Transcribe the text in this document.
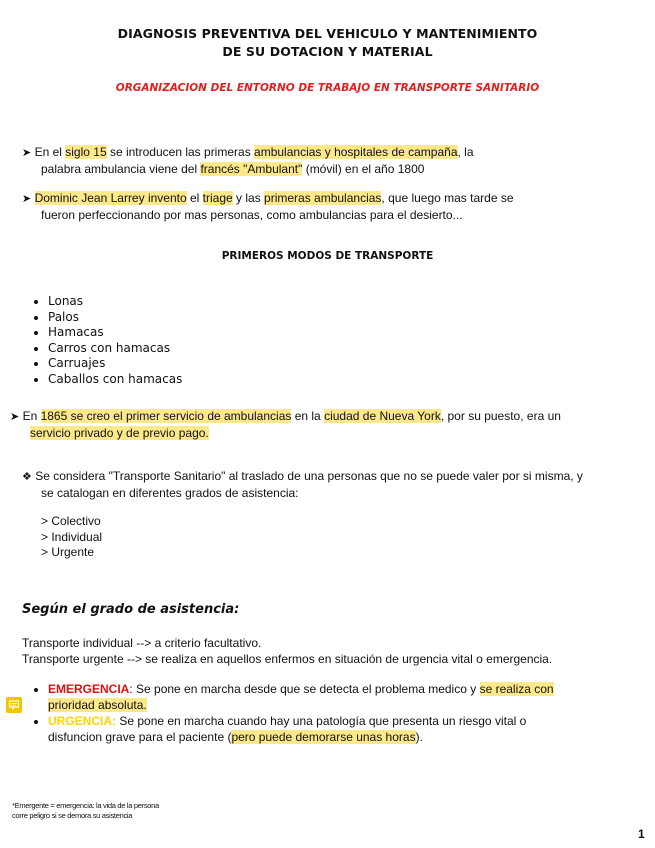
DIAGNOSIS PREVENTIVA DEL VEHICULO Y MANTENIMIENTO
DE SU DOTACION Y MATERIAL
ORGANIZACION DEL ENTORNO DE TRABAJO EN TRANSPORTE SANITARIO
➤ En el siglo 15 se introducen las primeras ambulancias y hospitales de campaña, la
palabra ambulancia viene del francés "Ambulant" (móvil) en el año 1800
➤ Dominic Jean Larrey invento el triage y las primeras ambulancias, que luego mas tarde se
fueron perfeccionando por mas personas, como ambulancias para el desierto...
PRIMEROS MODOS DE TRANSPORTE
• Lonas
• Palos
• Hamacas
• Carros con hamacas
• Carruajes
• Caballos con hamacas
➤ En 1865 se creo el primer servicio de ambulancias en la ciudad de Nueva York, por su puesto, era un
servicio privado y de previo pago.
❖ Se considera "Transporte Sanitario" al traslado de una personas que no se puede valer por si misma, y
se catalogan en diferentes grados de asistencia:
> Colectivo
> Individual
> Urgente
Según el grado de asistencia:
Transporte individual --> a criterio facultativo.
Transporte urgente --> se realiza en aquellos enfermos en situación de urgencia vital o emergencia.
• EMERGENCIA: Se pone en marcha desde que se detecta el problema medico y se realiza con
prioridad absoluta.
• URGENCIA: Se pone en marcha cuando hay una patología que presenta un riesgo vital o
disfuncion grave para el paciente (pero puede demorarse unas horas).
*Emergente = emergencia: la vida de la persona
corre peligro si se demora su asistencia
1
